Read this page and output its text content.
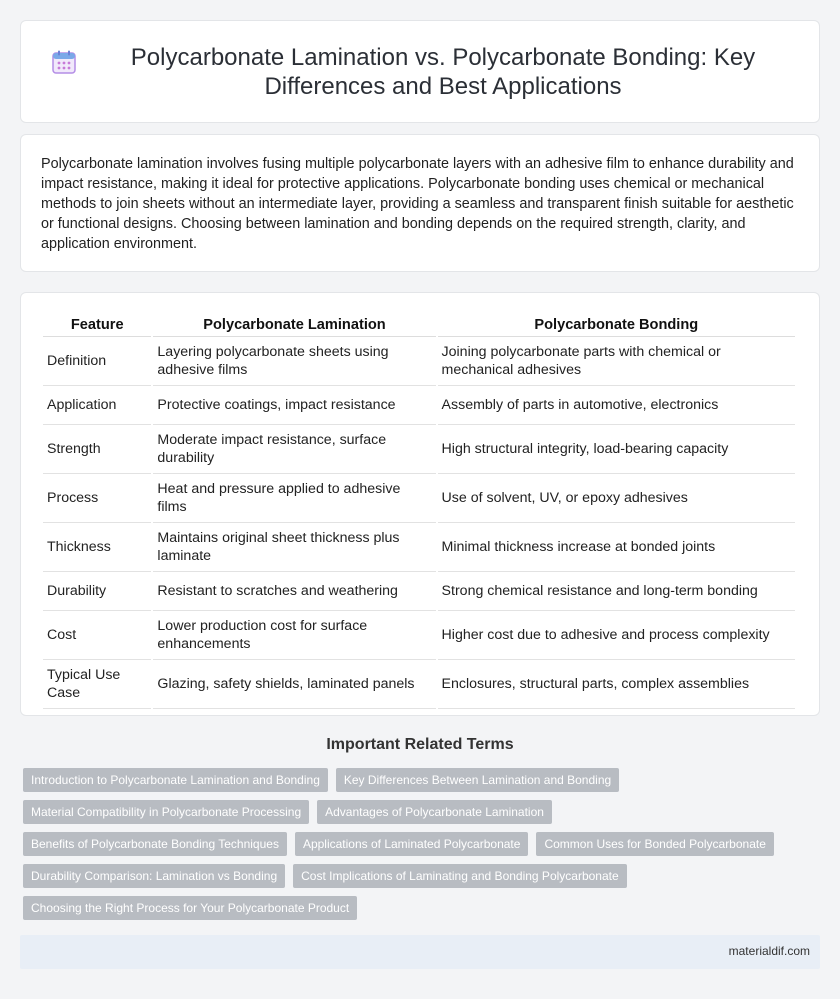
Polycarbonate Lamination vs. Polycarbonate Bonding: Key Differences and Best Applications

Polycarbonate lamination involves fusing multiple polycarbonate layers with an adhesive film to enhance durability and impact resistance, making it ideal for protective applications. Polycarbonate bonding uses chemical or mechanical methods to join sheets without an intermediate layer, providing a seamless and transparent finish suitable for aesthetic or functional designs. Choosing between lamination and bonding depends on the required strength, clarity, and application environment.

Feature	Polycarbonate Lamination	Polycarbonate Bonding
Definition	Layering polycarbonate sheets using adhesive films	Joining polycarbonate parts with chemical or mechanical adhesives
Application	Protective coatings, impact resistance	Assembly of parts in automotive, electronics
Strength	Moderate impact resistance, surface durability	High structural integrity, load-bearing capacity
Process	Heat and pressure applied to adhesive films	Use of solvent, UV, or epoxy adhesives
Thickness	Maintains original sheet thickness plus laminate	Minimal thickness increase at bonded joints
Durability	Resistant to scratches and weathering	Strong chemical resistance and long-term bonding
Cost	Lower production cost for surface enhancements	Higher cost due to adhesive and process complexity
Typical Use Case	Glazing, safety shields, laminated panels	Enclosures, structural parts, complex assemblies
Important Related Terms
Introduction to Polycarbonate Lamination and Bonding	Key Differences Between Lamination and Bonding
Material Compatibility in Polycarbonate Processing	Advantages of Polycarbonate Lamination
Benefits of Polycarbonate Bonding Techniques	Applications of Laminated Polycarbonate	Common Uses for Bonded Polycarbonate
Durability Comparison: Lamination vs Bonding	Cost Implications of Laminating and Bonding Polycarbonate
Choosing the Right Process for Your Polycarbonate Product
materialdif.com
